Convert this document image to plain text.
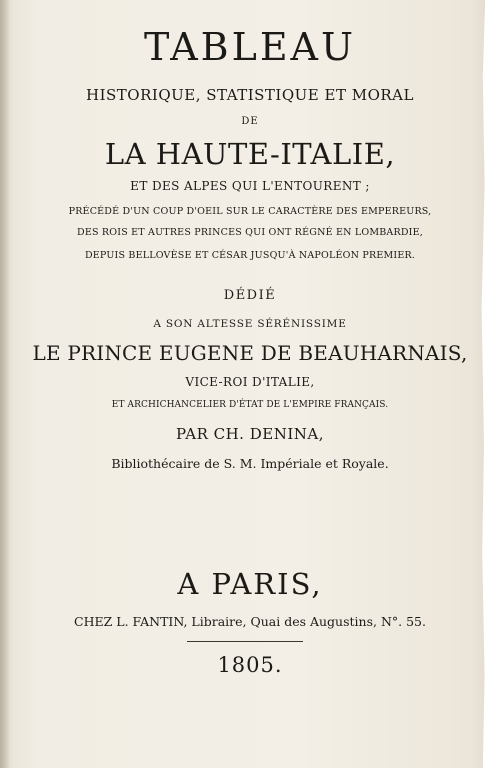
TABLEAU

HISTORIQUE, STATISTIQUE ET MORAL

DE

LA HAUTE-ITALIE,

ET DES ALPES QUI L'ENTOURENT ;

PRÉCÉDÉ D'UN COUP D'OEIL SUR LE CARACTÈRE DES EMPEREURS,

DES ROIS ET AUTRES PRINCES QUI ONT RÉGNÉ EN LOMBARDIE,

DEPUIS BELLOVÈSE ET CÉSAR JUSQU'À NAPOLÉON PREMIER.

DÉDIÉ

A SON ALTESSE SÉRÉNISSIME

LE PRINCE EUGENE DE BEAUHARNAIS,

VICE-ROI D'ITALIE,

ET ARCHICHANCELIER D'ÉTAT DE L'EMPIRE FRANÇAIS.

PAR CH. DENINA,

Bibliothécaire de S. M. Impériale et Royale.

A PARIS,

CHEZ L. FANTIN, Libraire, Quai des Augustins, N°. 55.

1805.
